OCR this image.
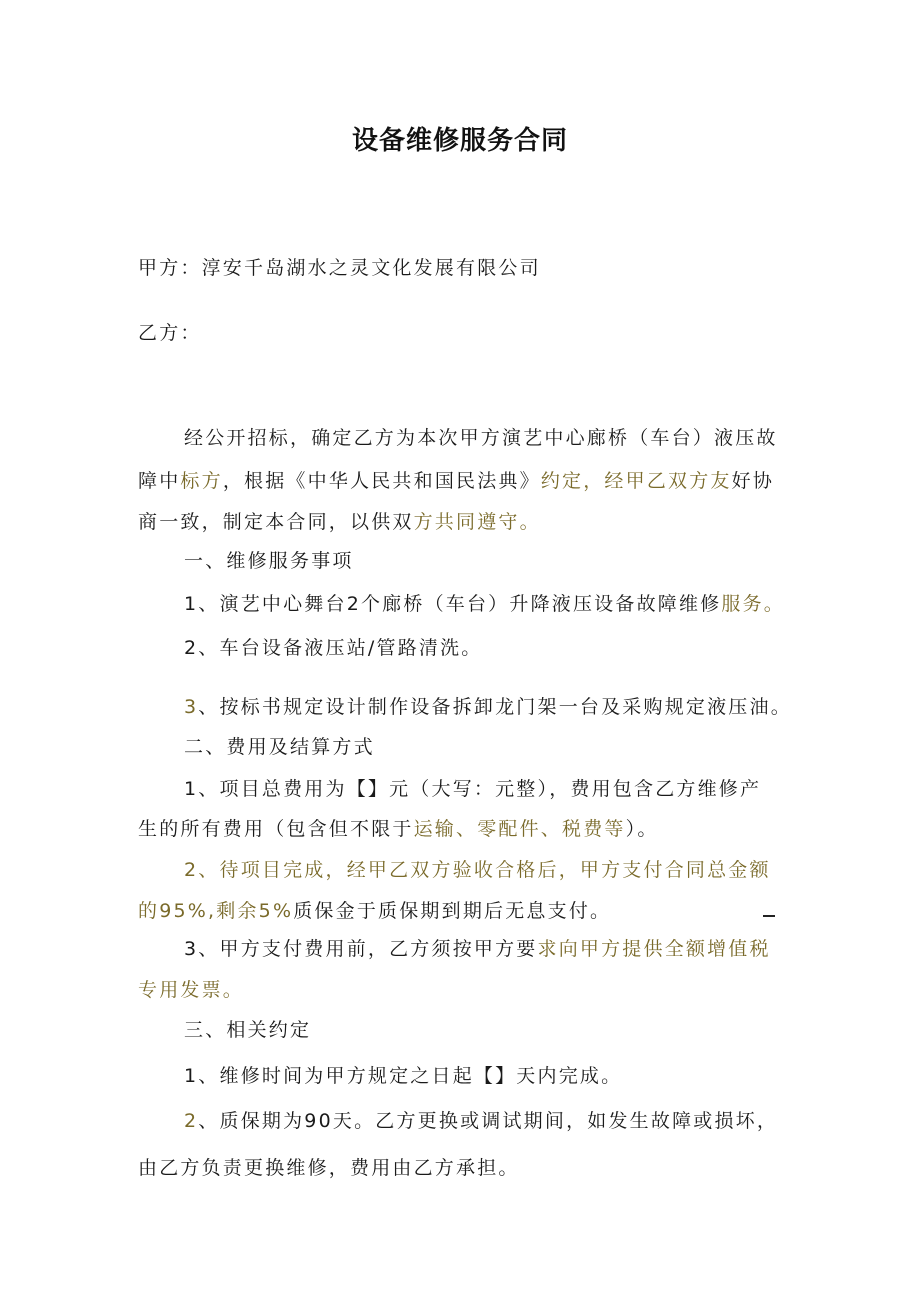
设备维修服务合同
甲方：淳安千岛湖水之灵文化发展有限公司
乙方：
经公开招标，确定乙方为本次甲方演艺中心廊桥（车台）液压故
障中标方，根据《中华人民共和国民法典》约定，经甲乙双方友好协
商一致，制定本合同，以供双方共同遵守。
一、维修服务事项
1、演艺中心舞台2个廊桥（车台）升降液压设备故障维修服务。
2、车台设备液压站/管路清洗。
3、按标书规定设计制作设备拆卸龙门架一台及采购规定液压油。
二、费用及结算方式
1、项目总费用为【】元（大写：元整），费用包含乙方维修产
生的所有费用（包含但不限于运输、零配件、税费等）。
2、待项目完成，经甲乙双方验收合格后，甲方支付合同总金额
的95%,剩余5%质保金于质保期到期后无息支付。
3、甲方支付费用前，乙方须按甲方要求向甲方提供全额增值税
专用发票。
三、相关约定
1、维修时间为甲方规定之日起【】天内完成。
2、质保期为90天。乙方更换或调试期间，如发生故障或损坏，
由乙方负责更换维修，费用由乙方承担。
